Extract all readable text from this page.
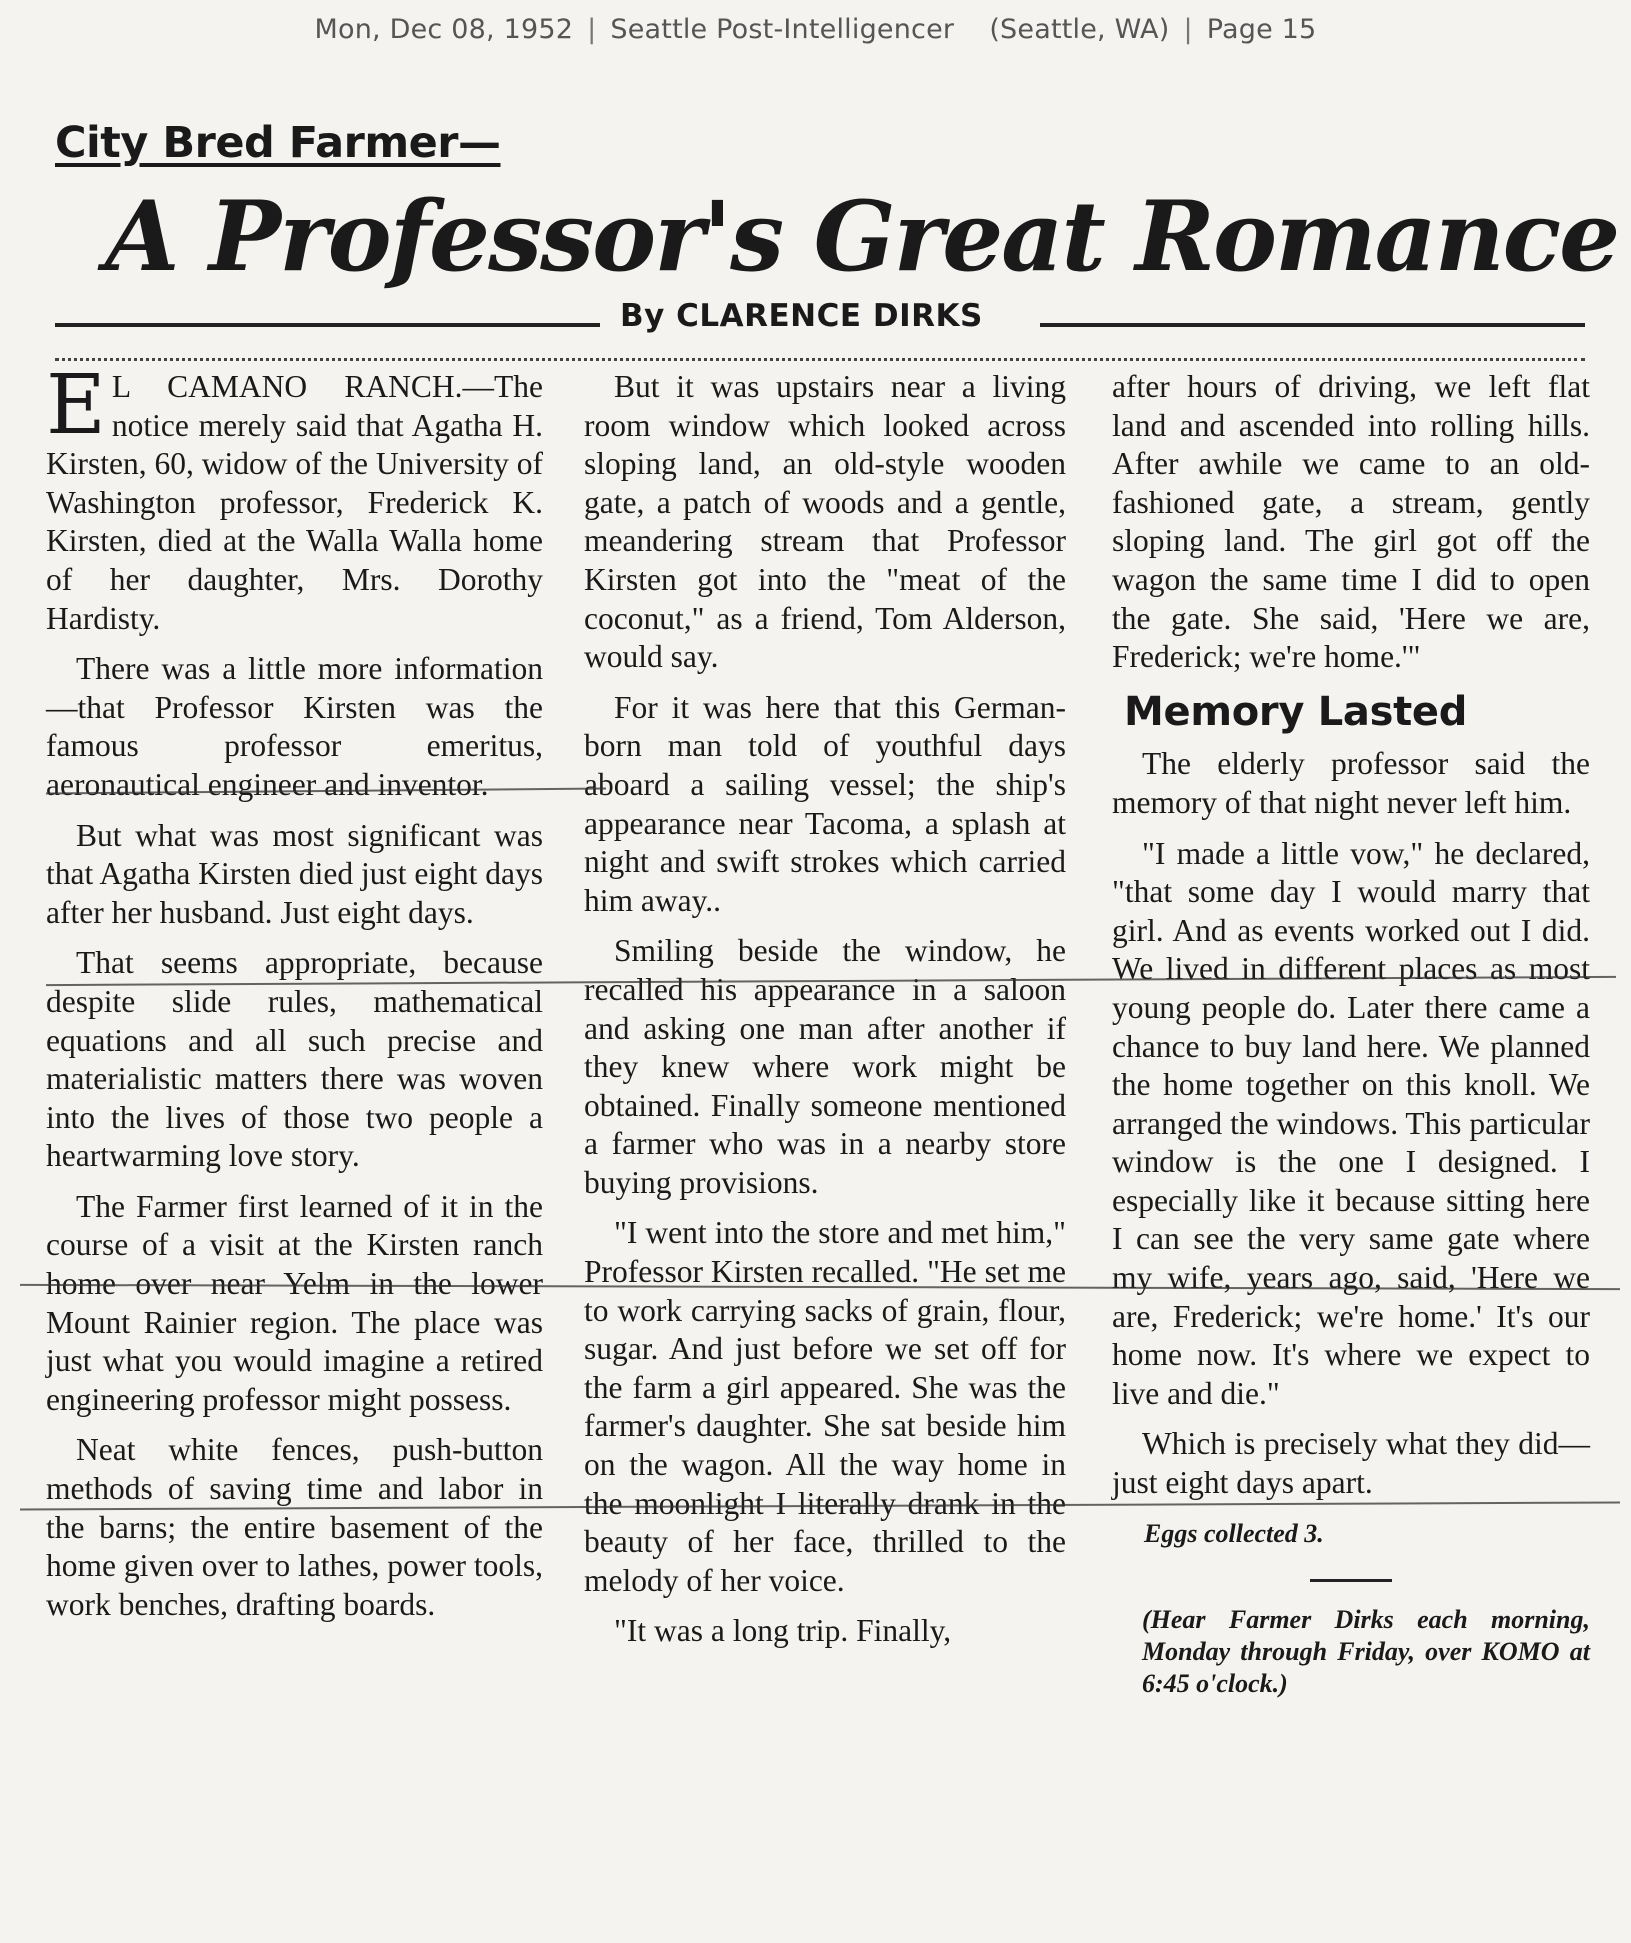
Mon, Dec 08, 1952 | Seattle Post-Intelligencer (Seattle, WA) | Page 15
City Bred Farmer—
A Professor's Great Romance
By CLARENCE DIRKS

E L CAMANO RANCH.—The notice merely said that Agatha H. Kirsten, 60, widow of the University of Washington professor, Frederick K. Kirsten, died at the Walla Walla home of her daughter, Mrs. Dorothy Hardisty.

There was a little more information—that Professor Kirsten was the famous professor emeritus, aeronautical engineer and inventor.

But what was most significant was that Agatha Kirsten died just eight days after her husband. Just eight days.

That seems appropriate, because despite slide rules, mathematical equations and all such precise and materialistic matters there was woven into the lives of those two people a heartwarming love story.

The Farmer first learned of it in the course of a visit at the Kirsten ranch home over near Yelm in the lower Mount Rainier region. The place was just what you would imagine a retired engineering professor might possess.

Neat white fences, push-button methods of saving time and labor in the barns; the entire basement of the home given over to lathes, power tools, work benches, drafting boards.

But it was upstairs near a living room window which looked across sloping land, an old-style wooden gate, a patch of woods and a gentle, meandering stream that Professor Kirsten got into the "meat of the coconut," as a friend, Tom Alderson, would say.

For it was here that this German-born man told of youthful days aboard a sailing vessel; the ship's appearance near Tacoma, a splash at night and swift strokes which carried him away..

Smiling beside the window, he recalled his appearance in a saloon and asking one man after another if they knew where work might be obtained. Finally someone mentioned a farmer who was in a nearby store buying provisions.

"I went into the store and met him," Professor Kirsten recalled. "He set me to work carrying sacks of grain, flour, sugar. And just before we set off for the farm a girl appeared. She was the farmer's daughter. She sat beside him on the wagon. All the way home in the moonlight I literally drank in the beauty of her face, thrilled to the melody of her voice.

"It was a long trip. Finally,

after hours of driving, we left flat land and ascended into rolling hills. After awhile we came to an old-fashioned gate, a stream, gently sloping land. The girl got off the wagon the same time I did to open the gate. She said, 'Here we are, Frederick; we're home.'"

Memory Lasted

The elderly professor said the memory of that night never left him.

"I made a little vow," he declared, "that some day I would marry that girl. And as events worked out I did. We lived in different places as most young people do. Later there came a chance to buy land here. We planned the home together on this knoll. We arranged the windows. This particular window is the one I designed. I especially like it because sitting here I can see the very same gate where my wife, years ago, said, 'Here we are, Frederick; we're home.' It's our home now. It's where we expect to live and die."

Which is precisely what they did—just eight days apart.

Eggs collected 3.
(Hear Farmer Dirks each morning, Monday through Friday, over KOMO at 6:45 o'clock.)
